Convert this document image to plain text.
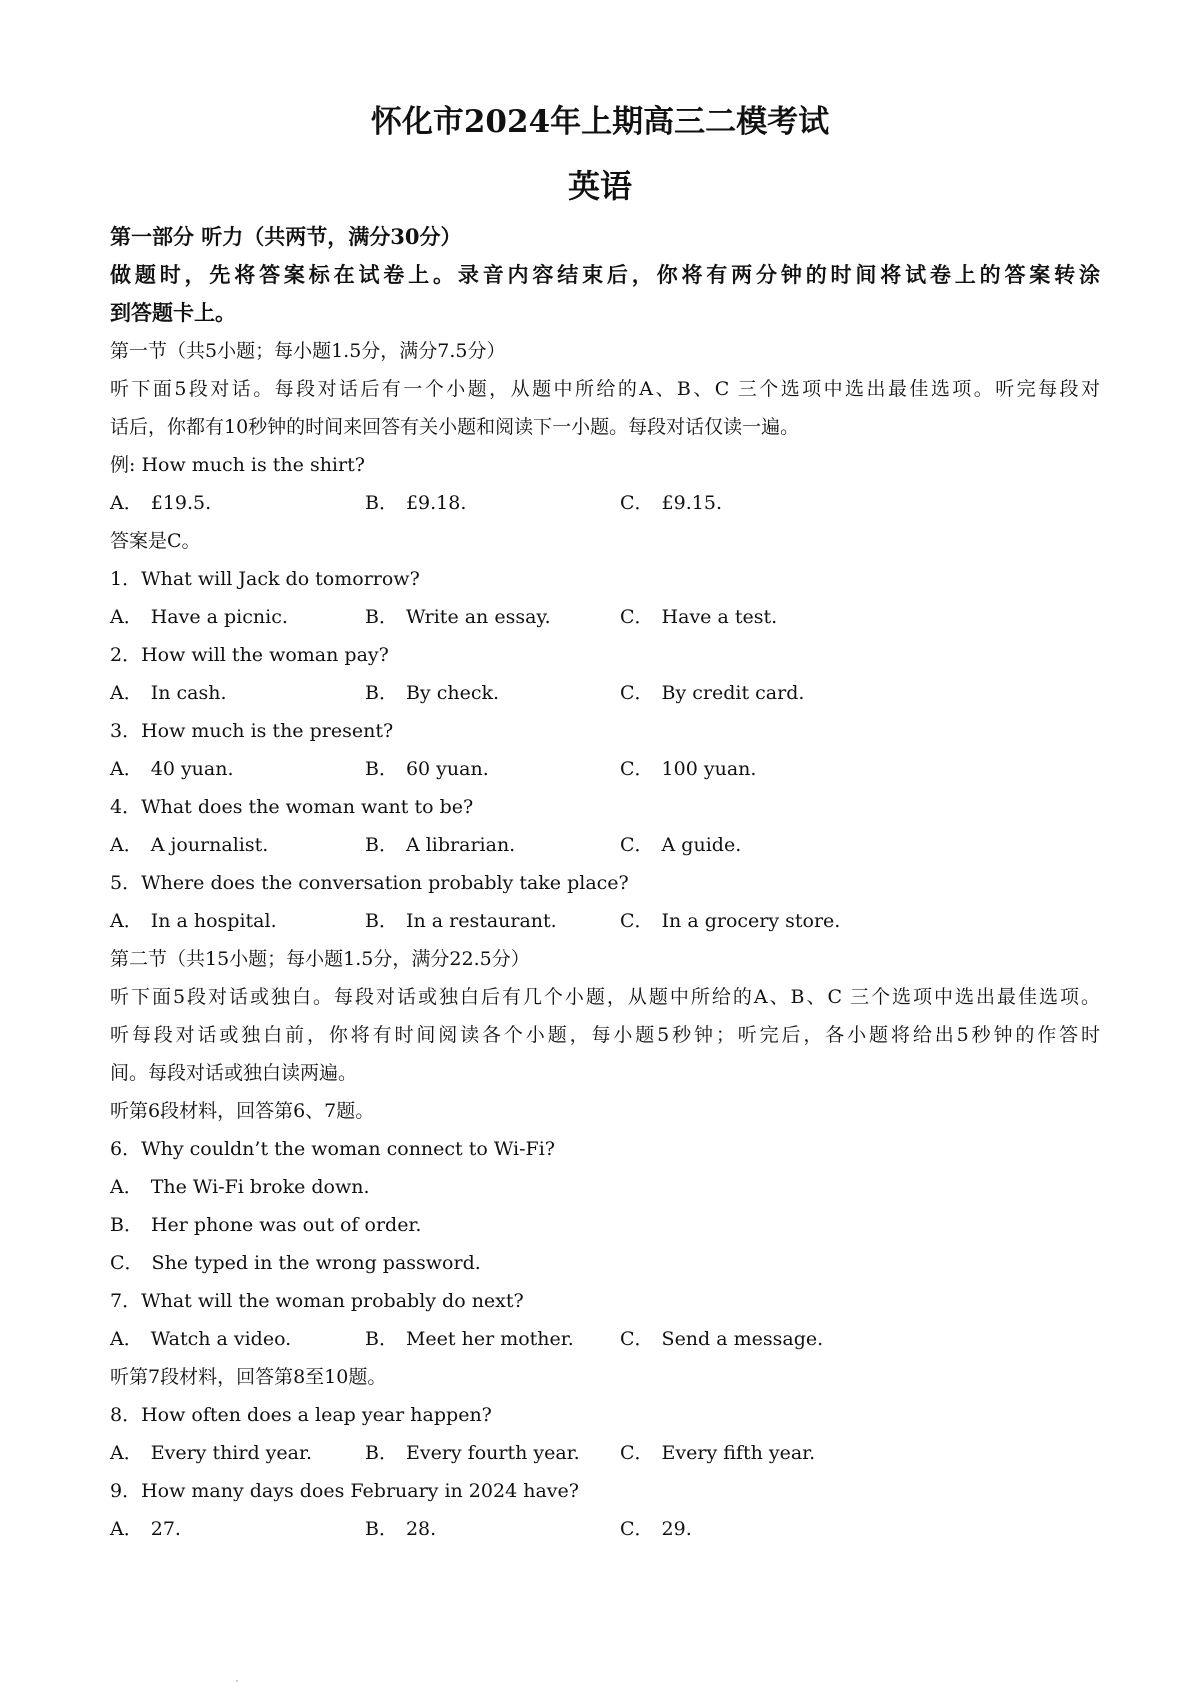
怀化市2024年上期高三二模考试
英语
第一部分 听力（共两节，满分30分）
做题时，先将答案标在试卷上。录音内容结束后，你将有两分钟的时间将试卷上的答案转涂
到答题卡上。
第一节（共5小题；每小题1.5分，满分7.5分）
听下面5段对话。每段对话后有一个小题，从题中所给的A、B、C 三个选项中选出最佳选项。听完每段对
话后，你都有10秒钟的时间来回答有关小题和阅读下一小题。每段对话仅读一遍。
例: How much is the shirt?
A． £19.5.	B． £9.18.	C． £9.15.
答案是C。
1．What will Jack do tomorrow?
A． Have a picnic.	B． Write an essay.	C． Have a test.
2．How will the woman pay?
A． In cash.	B． By check.	C． By credit card.
3．How much is the present?
A． 40 yuan.	B． 60 yuan.	C． 100 yuan.
4．What does the woman want to be?
A． A journalist.	B． A librarian.	C． A guide.
5．Where does the conversation probably take place?
A． In a hospital.	B． In a restaurant.	C． In a grocery store.
第二节（共15小题；每小题1.5分，满分22.5分）
听下面5段对话或独白。每段对话或独白后有几个小题，从题中所给的A、B、C 三个选项中选出最佳选项。
听每段对话或独白前，你将有时间阅读各个小题，每小题5秒钟；听完后，各小题将给出5秒钟的作答时
间。每段对话或独白读两遍。
听第6段材料，回答第6、7题。
6．Why couldn’t the woman connect to Wi-Fi?
A． The Wi-Fi broke down.
B． Her phone was out of order.
C． She typed in the wrong password.
7．What will the woman probably do next?
A． Watch a video.	B． Meet her mother. C． Send a message.
听第7段材料，回答第8至10题。
8．How often does a leap year happen?
A． Every third year.	B． Every fourth year. C． Every fifth year.
9．How many days does February in 2024 have?
A． 27.	B． 28.	C． 29.
